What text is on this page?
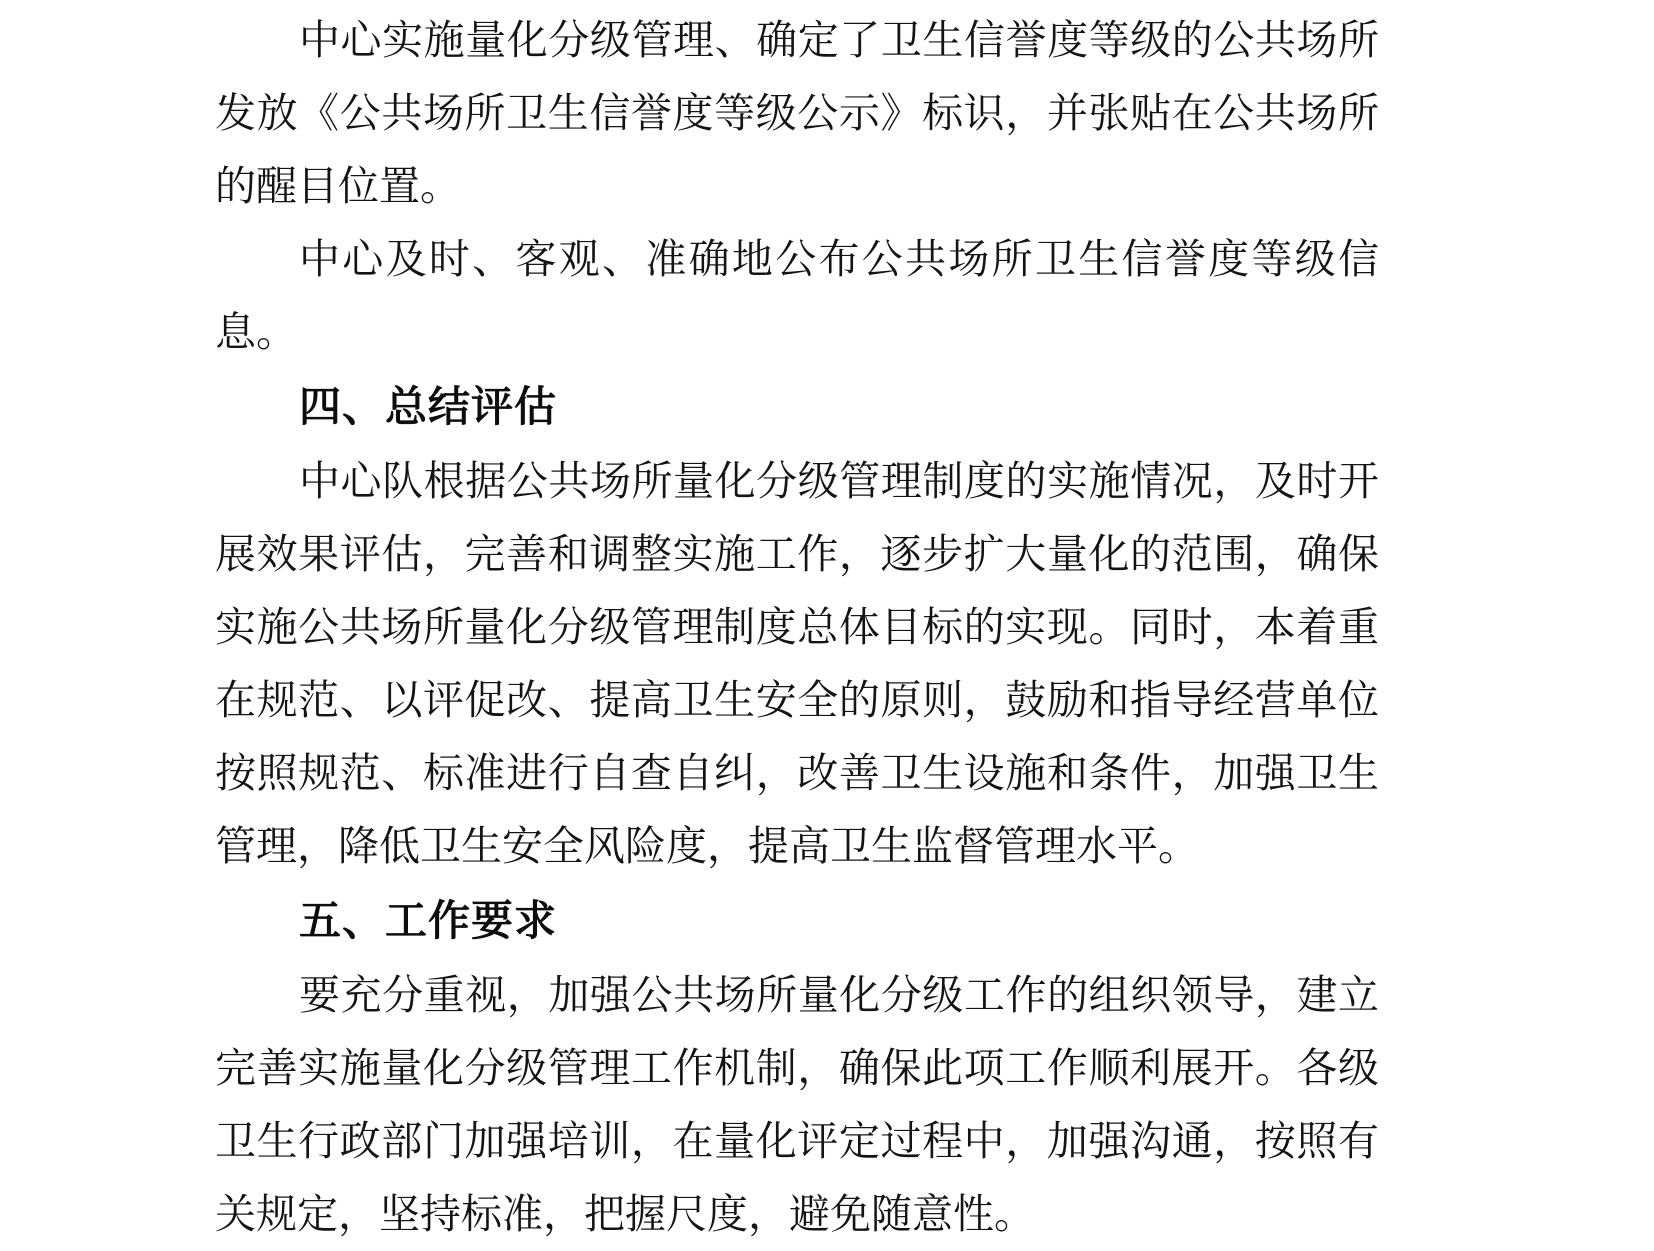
中心实施量化分级管理、确定了卫生信誉度等级的公共场所发放《公共场所卫生信誉度等级公示》标识，并张贴在公共场所的醒目位置。

中心及时、客观、准确地公布公共场所卫生信誉度等级信息。

四、总结评估

中心队根据公共场所量化分级管理制度的实施情况，及时开展效果评估，完善和调整实施工作，逐步扩大量化的范围，确保实施公共场所量化分级管理制度总体目标的实现。同时，本着重在规范、以评促改、提高卫生安全的原则，鼓励和指导经营单位按照规范、标准进行自查自纠，改善卫生设施和条件，加强卫生管理，降低卫生安全风险度，提高卫生监督管理水平。

五、工作要求

要充分重视，加强公共场所量化分级工作的组织领导，建立完善实施量化分级管理工作机制，确保此项工作顺利展开。各级卫生行政部门加强培训，在量化评定过程中，加强沟通，按照有关规定，坚持标准，把握尺度，避免随意性。
